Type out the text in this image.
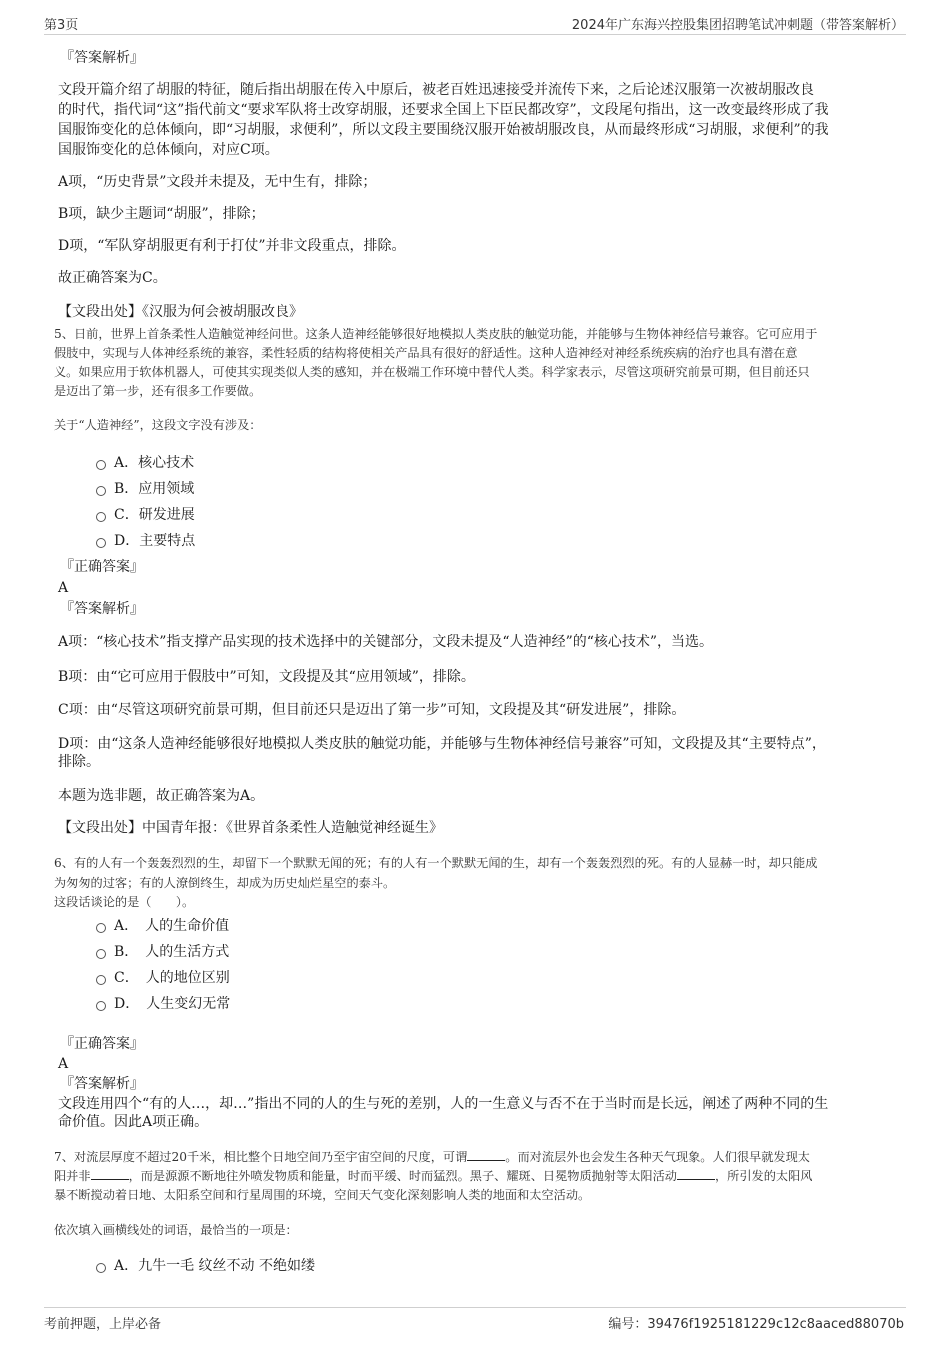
第3页	2024年广东海兴控股集团招聘笔试冲刺题（带答案解析）
『答案解析』
文段开篇介绍了胡服的特征，随后指出胡服在传入中原后，被老百姓迅速接受并流传下来，之后论述汉服第一次被胡服改良
的时代，指代词“这”指代前文“要求军队将士改穿胡服，还要求全国上下臣民都改穿”，文段尾句指出，这一改变最终形成了我
国服饰变化的总体倾向，即“习胡服，求便利”，所以文段主要围绕汉服开始被胡服改良，从而最终形成“习胡服，求便利”的我
国服饰变化的总体倾向，对应C项。
A项，“历史背景”文段并未提及，无中生有，排除；
B项，缺少主题词“胡服”，排除；
D项，“军队穿胡服更有利于打仗”并非文段重点，排除。
故正确答案为C。
【文段出处】《汉服为何会被胡服改良》
5、日前，世界上首条柔性人造触觉神经问世。这条人造神经能够很好地模拟人类皮肤的触觉功能，并能够与生物体神经信号兼容。它可应用于
假肢中，实现与人体神经系统的兼容，柔性轻质的结构将使相关产品具有很好的舒适性。这种人造神经对神经系统疾病的治疗也具有潜在意
义。如果应用于软体机器人，可使其实现类似人类的感知，并在极端工作环境中替代人类。科学家表示，尽管这项研究前景可期，但目前还只
是迈出了第一步，还有很多工作要做。
关于“人造神经”，这段文字没有涉及：
A．核心技术
B．应用领域
C．研发进展
D．主要特点
『正确答案』
A
『答案解析』
A项：“核心技术”指支撑产品实现的技术选择中的关键部分，文段未提及“人造神经”的“核心技术”，当选。
B项：由“它可应用于假肢中”可知，文段提及其“应用领域”，排除。
C项：由“尽管这项研究前景可期，但目前还只是迈出了第一步”可知，文段提及其“研发进展”，排除。
D项：由“这条人造神经能够很好地模拟人类皮肤的触觉功能，并能够与生物体神经信号兼容”可知，文段提及其“主要特点”，
排除。
本题为选非题，故正确答案为A。
【文段出处】中国青年报：《世界首条柔性人造触觉神经诞生》
6、有的人有一个轰轰烈烈的生，却留下一个默默无闻的死；有的人有一个默默无闻的生，却有一个轰轰烈烈的死。有的人显赫一时，却只能成
为匆匆的过客；有的人潦倒终生，却成为历史灿烂星空的泰斗。
这段话谈论的是（　　）。
A．　人的生命价值
B．　人的生活方式
C．　人的地位区别
D．　人生变幻无常
『正确答案』
A
『答案解析』
文段连用四个“有的人…，却…”指出不同的人的生与死的差别，人的一生意义与否不在于当时而是长远，阐述了两种不同的生
命价值。因此A项正确。
7、对流层厚度不超过20千米，相比整个日地空间乃至宇宙空间的尺度，可谓	。而对流层外也会发生各种天气现象。人们很早就发现太
阳并非	，而是源源不断地往外喷发物质和能量，时而平缓、时而猛烈。黑子、耀斑、日冕物质抛射等太阳活动	，所引发的太阳风
暴不断搅动着日地、太阳系空间和行星周围的环境，空间天气变化深刻影响人类的地面和太空活动。
依次填入画横线处的词语，最恰当的一项是：
A．九牛一毛 纹丝不动 不绝如缕
考前押题，上岸必备	编号：39476f1925181229c12c8aaced88070b
